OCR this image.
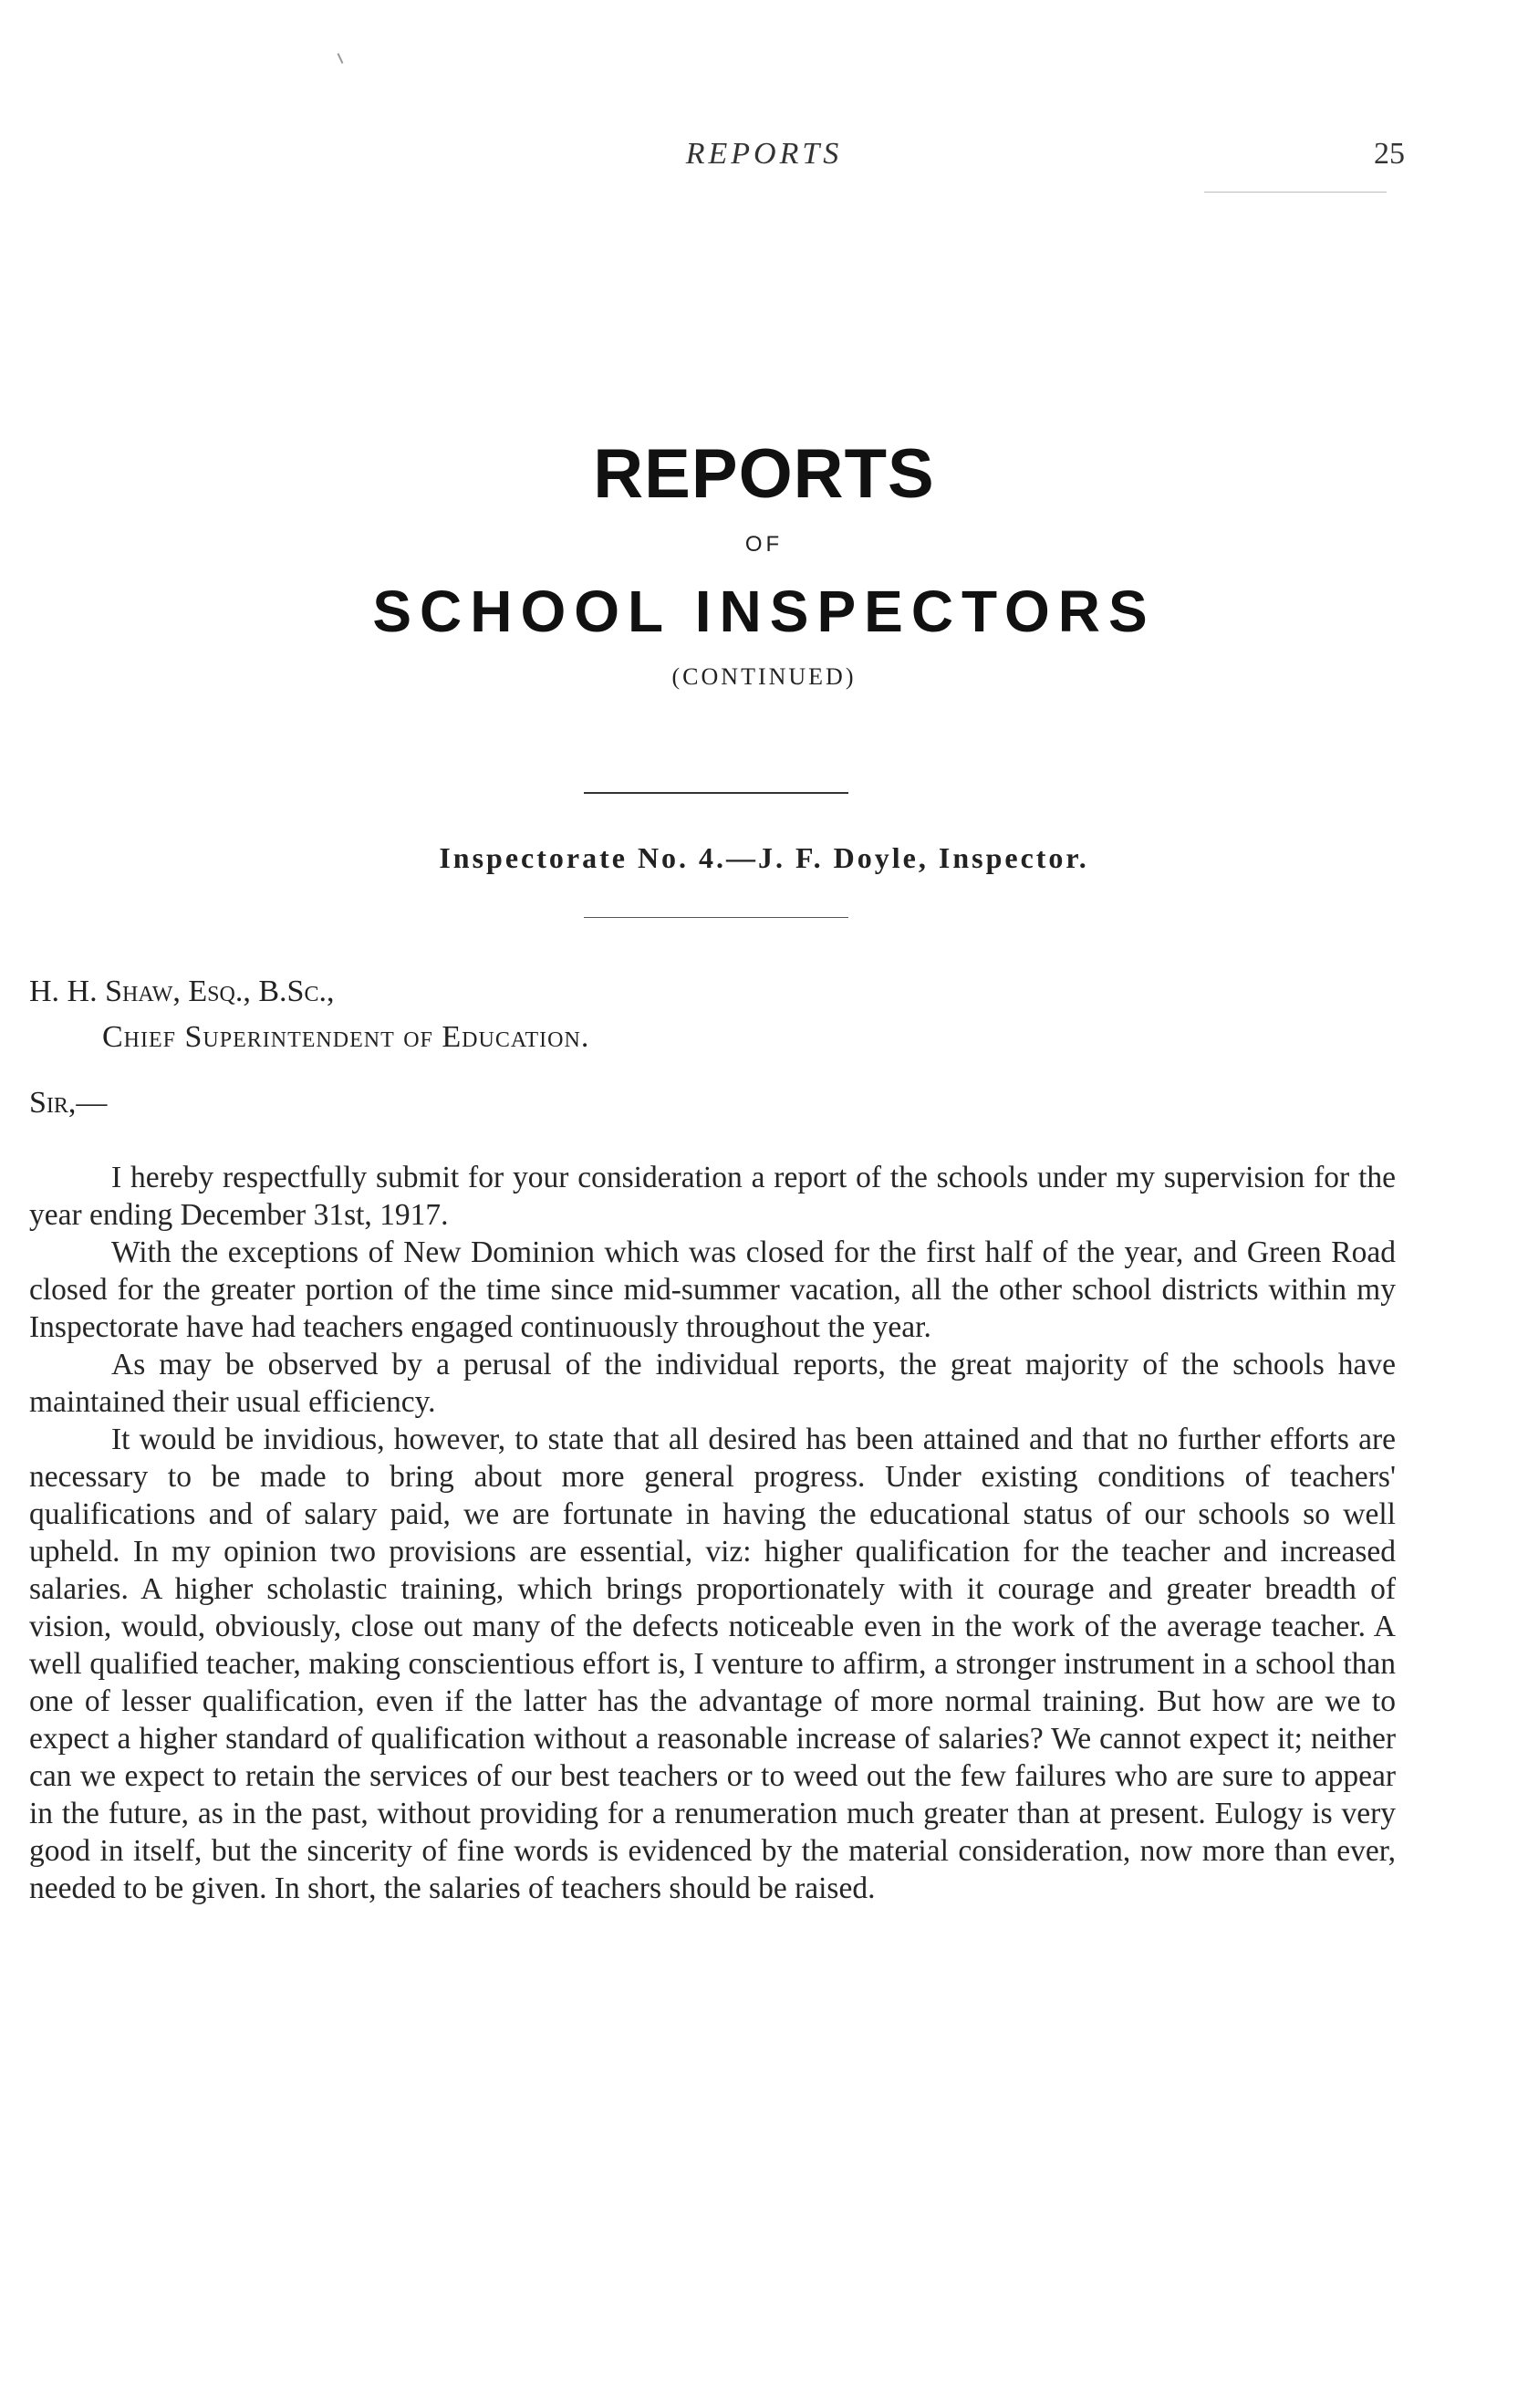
REPORTS	25
REPORTS
OF
SCHOOL INSPECTORS
(CONTINUED)
Inspectorate No. 4.—J. F. Doyle, Inspector.
H. H. Shaw, Esq., B.Sc.,
Chief Superintendent of Education.
Sir,—

I hereby respectfully submit for your consideration a report of the schools under my supervision for the year ending December 31st, 1917.

With the exceptions of New Dominion which was closed for the first half of the year, and Green Road closed for the greater portion of the time since mid-summer vacation, all the other school districts within my Inspectorate have had teachers engaged continuously throughout the year.

As may be observed by a perusal of the individual reports, the great majority of the schools have maintained their usual efficiency.

It would be invidious, however, to state that all desired has been attained and that no further efforts are necessary to be made to bring about more general progress. Under existing conditions of teachers' qualifications and of salary paid, we are fortunate in having the educational status of our schools so well upheld. In my opinion two provisions are essential, viz: higher qualification for the teacher and increased salaries. A higher scholastic training, which brings proportionately with it courage and greater breadth of vision, would, obviously, close out many of the defects noticeable even in the work of the average teacher. A well qualified teacher, making conscientious effort is, I venture to affirm, a stronger instrument in a school than one of lesser qualification, even if the latter has the advantage of more normal training. But how are we to expect a higher standard of qualification without a reasonable increase of salaries? We cannot expect it; neither can we expect to retain the services of our best teachers or to weed out the few failures who are sure to appear in the future, as in the past, without providing for a renumeration much greater than at present. Eulogy is very good in itself, but the sincerity of fine words is evidenced by the material consideration, now more than ever, needed to be given. In short, the salaries of teachers should be raised.
